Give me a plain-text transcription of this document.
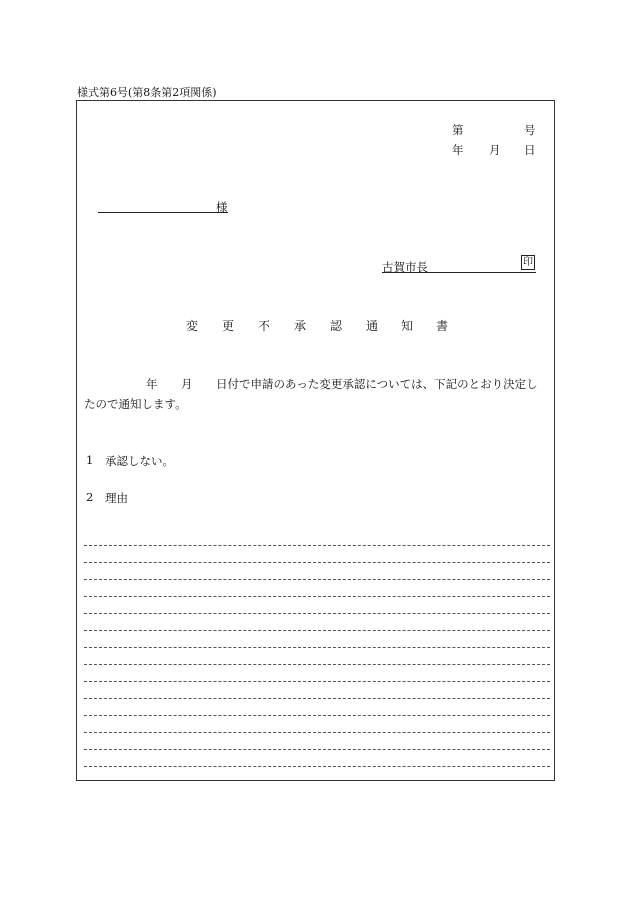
様式第6号(第8条第2項関係)
第	号
年 月 日
様
古賀市長	印
変 更 不 承 認 通 知 書
年 月 日付で申請のあった変更承認については、下記のとおり決定し
たので通知します。
1 承認しない。
2 理由
